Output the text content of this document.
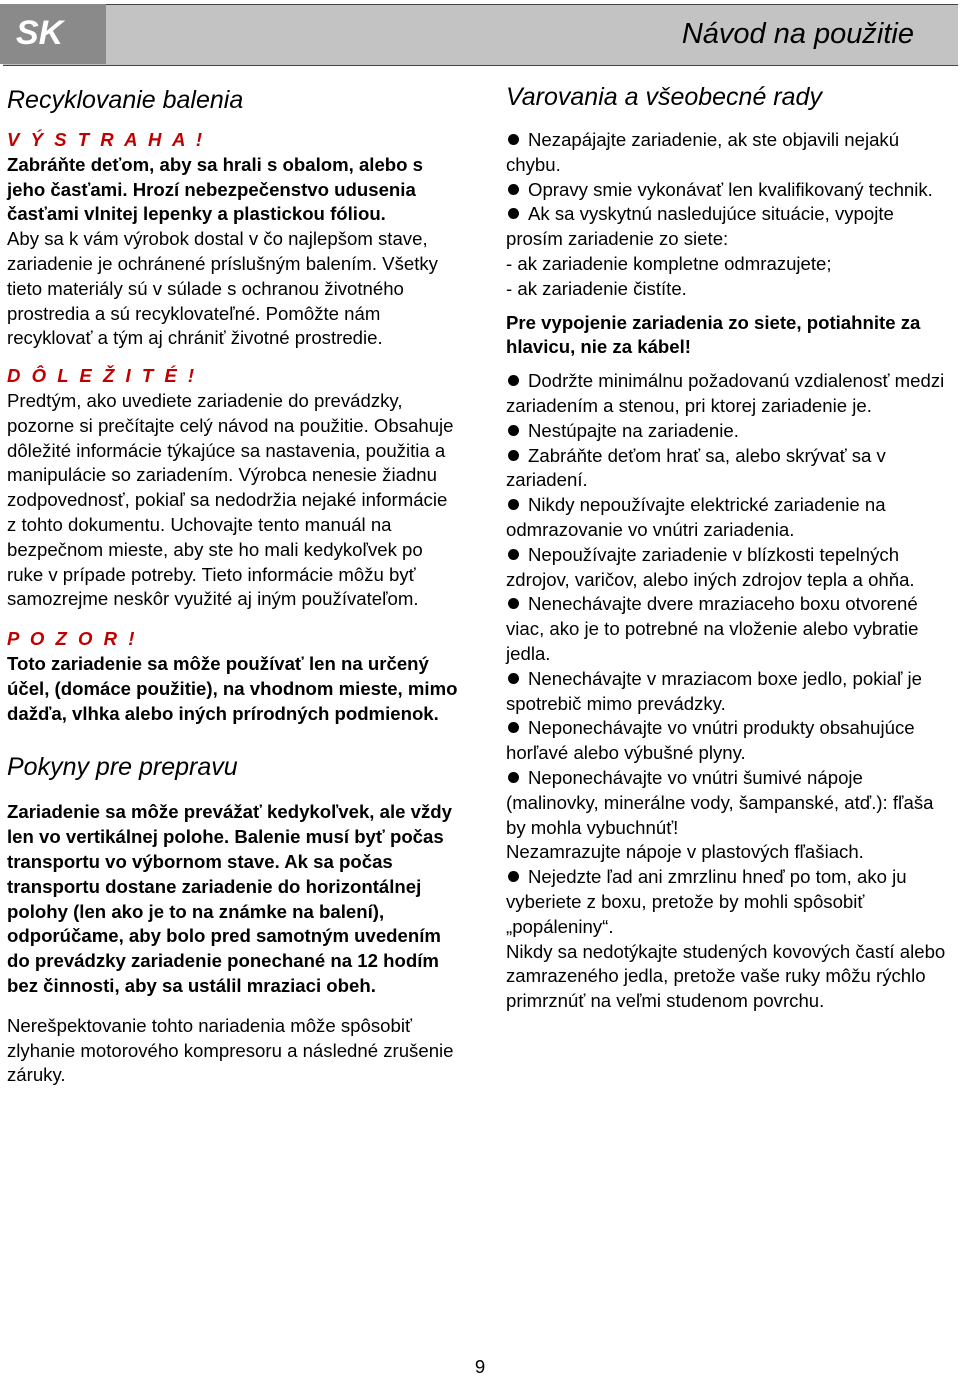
SK	Návod na použitie
Recyklovanie balenia

V Ý S T R A H A !

Zabráňte deťom, aby sa hrali s obalom, alebo s jeho časťami. Hrozí nebezpečenstvo udusenia časťami vlnitej lepenky a plastickou fóliou.

Aby sa k vám výrobok dostal v čo najlepšom stave, zariadenie je ochránené príslušným balením. Všetky tieto materiály sú v súlade s ochranou životného prostredia a sú recyklovateľné. Pomôžte nám recyklovať a tým aj chrániť životné prostredie.

D Ô L E Ž I T É !

Predtým, ako uvediete zariadenie do prevádzky, pozorne si prečítajte celý návod na použitie. Obsahuje dôležité informácie týkajúce sa nastavenia, použitia a manipulácie so zariadením. Výrobca nenesie žiadnu zodpovednosť, pokiaľ sa nedodržia nejaké informácie z tohto dokumentu. Uchovajte tento manuál na bezpečnom mieste, aby ste ho mali kedykoľvek po ruke v prípade potreby. Tieto informácie môžu byť samozrejme neskôr využité aj iným používateľom.

P O Z O R !

Toto zariadenie sa môže používať len na určený účel, (domáce použitie), na vhodnom mieste, mimo dažďa, vlhka alebo iných prírodných podmienok.

Pokyny pre prepravu

Zariadenie sa môže prevážať kedykoľvek, ale vždy len vo vertikálnej polohe. Balenie musí byť počas transportu vo výbornom stave. Ak sa počas transportu dostane zariadenie do horizontálnej polohy (len ako je to na známke na balení), odporúčame, aby bolo pred samotným uvedením do prevádzky zariadenie ponechané na 12 hodím bez činnosti, aby sa ustálil mraziaci obeh.

Nerešpektovanie tohto nariadenia môže spôsobiť zlyhanie motorového kompresoru a následné zrušenie záruky.

Varovania a všeobecné rady

Nezapájajte zariadenie, ak ste objavili nejakú chybu.

Opravy smie vykonávať len kvalifikovaný technik.

Ak sa vyskytnú nasledujúce situácie, vypojte prosím zariadenie zo siete:

- ak zariadenie kompletne odmrazujete;

- ak zariadenie čistíte.

Pre vypojenie zariadenia zo siete, potiahnite za hlavicu, nie za kábel!

Dodržte minimálnu požadovanú vzdialenosť medzi zariadením a stenou, pri ktorej zariadenie je.

Nestúpajte na zariadenie.

Zabráňte deťom hrať sa, alebo skrývať sa v zariadení.

Nikdy nepoužívajte elektrické zariadenie na odmrazovanie vo vnútri zariadenia.

Nepoužívajte zariadenie v blízkosti tepelných zdrojov, varičov, alebo iných zdrojov tepla a ohňa.

Nenechávajte dvere mraziaceho boxu otvorené viac, ako je to potrebné na vloženie alebo vybratie jedla.

Nenechávajte v mraziacom boxe jedlo, pokiaľ je spotrebič mimo prevádzky.

Neponechávajte vo vnútri produkty obsahujúce horľavé alebo výbušné plyny.

Neponechávajte vo vnútri šumivé nápoje (malinovky, minerálne vody, šampanské, atď.): fľaša by mohla vybuchnúť!

Nezamrazujte nápoje v plastových fľašiach.

Nejedzte ľad ani zmrzlinu hneď po tom, ako ju vyberiete z boxu, pretože by mohli spôsobiť „popáleniny“.

Nikdy sa nedotýkajte studených kovových častí alebo zamrazeného jedla, pretože vaše ruky môžu rýchlo primrznúť na veľmi studenom povrchu.

9
